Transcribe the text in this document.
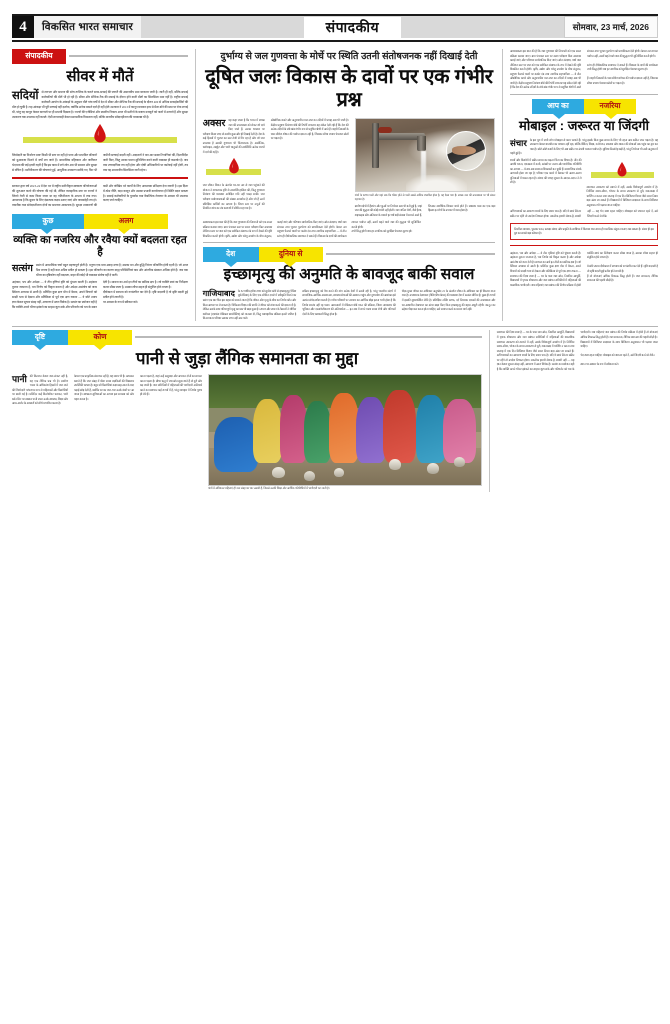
4	विकसित भारत समाचार	संपादकीय	सोमवार, 23 मार्च, 2026
संपादकीय
सीवर में मौतें
सदियों से लगभग और समाज की सोच तालिक के चलते साफ-सफाई की जरूरी की अमानवीय प्रथा बरकरार जारी है। जारी ही नहीं, बल्कि सफाई कर्मचारियों की मौतें भी हो रही हैं। सीवर और सेप्टिक टैंक की सफाई के दौरान होने वाली मौतों का सिलसिला थमा नहीं है। राष्ट्रीय सफाई कर्मचारी आयोग के आंकड़ों के अनुसार बीते पांच वर्षों में देश में सीवर और सेप्टिक टैंक की सफाई के दौरान 400 से अधिक सफाईकर्मियों की मौत हो चुकी है। यह आंकड़ा भी पूरी सच्चाई नहीं दर्शाता, क्योंकि अनेक मामले दर्ज ही नहीं होते। सरकार ने 2013 में कानून बनाकर हाथ से मैला ढोने की प्रथा पर रोक लगाई थी, परंतु यह कानून केवल कागजों पर ही प्रभावी दिखता है। राज्यों की एजेंसियां और स्थानीय निकाय आज भी मशीनों के बजाय मजदूरों को नालों में उतारते हैं और सुरक्षा उपकरण तक उपलब्ध नहीं कराते। ऐसी लापरवाही केवल प्रशासनिक विफलता नहीं, बल्कि मानवीय संवेदनहीनता की पराकाष्ठा भी है।
जिम्मेदारी का निर्धारण प्रायः किसी भी स्तर पर नहीं हो पाता और प्रभावित परिवारों को मुआवजा मिलने में वर्षों लग जाते हैं। सामाजिक बहिष्कार और जातिगत भेदभाव की जड़ें इतनी गहरी हैं कि इस काम में लगे लोग अब भी सम्मान और सुरक्षा से वंचित हैं। मशीनीकरण की घोषणाएं हुईं, आधुनिक उपकरण खरीदे गए, फिर भी जमीनी सच्चाई बदली नहीं। अदालतों ने बार-बार सख्त टिप्पणियां कीं, दिशानिर्देश जारी किए, किंतु उनका पालन सुनिश्चित करने वाली व्यवस्था ही कमजोर है। जब तक उत्तरदायित्व तय नहीं होगा और दोषी अधिकारियों पर कार्रवाई नहीं होगी, तब तक यह अमानवीय सिलसिला जारी रहेगा।
सरकार द्वारा वर्ष 2023-24 में देश भर में राष्ट्रीय मशीनीकृत स्वच्छता परियोजनाओं की शुरुआत करने की घोषणा की गई थी, लेकिन व्यवहारिक स्तर पर राज्यों ने जितने तेजी से काम किया जाना था वह गतिशीलता के अभाव में रुक गया। आवश्यक है कि सुधार के लिए दंडात्मक कदम उठाए जाएं और जवाबदेही तय हो। तकनीक तथा संवेदनशीलता दोनों का समन्वय आवश्यक है। सुरक्षा उपकरणों की कमी और जोखिम भरे कार्यों के लिए आवश्यक प्रशिक्षण देना जरूरी है। इस दिशा में ठोस नीति, कड़ा कानून और उसका प्रभावी कार्यान्वयन ही स्थिति बदल सकता है। सफाई कर्मचारियों के पुनर्वास तथा वैकल्पिक रोजगार के अवसर भी उपलब्ध कराए जाने चाहिए।
कुछ	अलग
व्यक्ति का नजरिय और रवैया क्यों बदलता रहत है
सत्संग प्रसंग में अध्यात्मिक चर्चा बहुत महत्त्वपूर्ण होती है। मनुष्य एक धारा-प्रवाह सत्ता है; उसका मन और बुद्धि निरंतर परिवर्तित होती रहती है। जो आज प्रिय लगता है वही कल अप्रिय प्रतीत हो सकता है। इस परिवर्तन का कारण बाह्य परिस्थितियां कम और आंतरिक संस्कार अधिक होते हैं। जब तक भीतर का दृष्टिकोण नहीं बदलता, बाहर की कोई भी व्यवस्था संतोष नहीं दे पाती।
अहंकार, भय और अपेक्षा — ये तीन वृत्तियां दृष्टि को धुंधला करती हैं। अहंकार तुलना जन्माता है, भय निर्णय को विकृत करता है और अपेक्षा असंतोष को जन्म देती है। साधना का अर्थ इन तीनों का क्रमिक क्षय है। जो व्यक्ति स्वयं का निरीक्षण करना सीख जाता है, उसका रवैया सहज ही संतुलित होने लगता है।
स्थिरता अभ्यास से आती है। प्रतिदिन कुछ क्षण मौन में बैठना, अपने विचारों को साक्षी भाव से देखना और प्रतिक्रिया से पूर्व एक क्षण रुकना — ये छोटे उपाय दीर्घकाल में स्वभाव को रूपांतरित कर देते हैं। दृष्टि बदलती है तो सृष्टि बदली हुई प्रतीत होने लगती है।
ज्ञान केवल सूचना संग्रह नहीं, आचरण में उतरा विवेक है। सत्संग का प्रयोजन यही है कि व्यक्ति अपने भीतर झांकने का साहस जुटा सके और परिवर्तन को भय के स्थान पर अवसर के रूप में स्वीकार करे।
दुर्भाग्य से जल गुणवत्ता के मोर्चे पर स्थिति उतनी संतोषजनक नहीं दिखाई देती
दूषित जलः विकास के दावों पर एक गंभीर प्रश्न
अक्सर यह कहा जाता है कि भारत में स्वच्छ जल की उपलब्धता को लेकर जो दावे किए जाते हैं, उनका धरातल पर परीक्षण किया जाए तो तस्वीर कुछ और ही दिखाई देती है। देश के कई हिस्सों में भूजल का स्तर तेजी से गिर रहा है और जो जल उपलब्ध है उसकी गुणवत्ता भी चिंताजनक है। आर्सेनिक, फ्लोराइड, नाइट्रेट और भारी धातुओं की उपस्थिति अनेक राज्यों में दर्ज की गई है।
जल जीवन मिशन के अंतर्गत घर-घर नल से जल पहुंचाने की योजना ने मात्रात्मक दृष्टि से उपलब्धि हासिल की, किंतु गुणवत्ता नियंत्रण की व्यवस्था अपेक्षित गति नहीं पकड़ सकी। जल परीक्षण प्रयोगशालाओं की संख्या अपर्याप्त है और जो हैं उनमें प्रशिक्षित कर्मियों का अभाव है। जिला स्तर पर नमूनों की नियमित जांच का तंत्र कागजों में सीमित रह गया है।
औद्योगिक कचरे और अनुपचारित मल-जल का नदियों में प्रवाह अब भी जारी है। केंद्रीय प्रदूषण नियंत्रण बोर्ड की रिपोर्टें लगातार यह संकेत देती रही हैं कि देश की अनेक नदियों के लंबे खंड गंभीर रूप से प्रदूषित श्रेणी में आते हैं। शहरी निकायों के पास सीवेज शोधन की पर्याप्त क्षमता नहीं है, जिसका सीधा प्रभाव पेयजल स्रोतों पर पड़ता है।
गांवों के कच्चा पानी और यहां तक कि भीतर होने से पानी सबसे अधिक प्रभावित होता है, यह देखा गया है। स्वच्छ जल की उपलब्धता पर भी संकट गहराया है।
ग्रामीण क्षेत्रों में हैंडपंप और कुओं पर निर्भरता अब भी बनी हुई है, जहां जल की शुद्धता की कोई गारंटी नहीं होती। जल जनित रोगों, जैसे हैजा, टाइफाइड और अतिसार के मामले हर वर्ष बड़ी संख्या में सामने आते हैं, जिनका सर्वाधिक शिकार बच्चे होते हैं। स्वास्थ्य व्यय का एक बड़ा हिस्सा इन रोगों के उपचार में व्यय होता है।
आवश्यकता इस बात की है कि जल गुणवत्ता की निगरानी को एक सतत प्रक्रिया बनाया जाए। ग्राम पंचायत स्तर पर सरल परीक्षण किट उपलब्ध कराई जाएं और परिणाम सार्वजनिक किए जाएं। स्रोत संरक्षण, वर्षा जल संचयन तथा भूजल पुनर्भरण को प्राथमिकता देनी होगी। केवल नल लगाना पर्याप्त नहीं, उसमें बहने वाले जल की शुद्धता भी सुनिश्चित करनी होगी।
नीतिगत स्तर पर जल को एक समेकित संसाधन के रूप में देखने की दृष्टि विकसित करनी होगी। कृषि, उद्योग और घरेलू उपयोग के बीच संतुलन, प्रदूषण फैलाने वालों पर कठोर दंड तथा नागरिक सहभागिता — ये तीन स्तंभ ही दीर्घकालिक समाधान दे सकते हैं। विकास के दावों की सार्थकता तभी सिद्ध होगी जब हर नागरिक को सुरक्षित पेयजल सुलभ हो।
देश	दुनिया से
इच्छामृत्यु की अनुमति के बावजूद बाकी सवाल
गाजियाबाद के 32 वर्षीय हरीश राणा को सुप्रीम कोर्ट से इच्छामृत्यु (पैसिव यूथेनेसिया) के लिए एक सीमित दायरे में स्वीकृति मिलने का प्रसंग एक बार फिर इस बहस को सामने लाता है कि जीवन और मृत्यु के बीच का निर्णय कौन और किस आधार पर ले सकता है। चिकित्सा विज्ञान की प्रगति ने जीवन को लंबा करने की क्षमता दी है, लेकिन उसके साथ गरिमापूर्ण मृत्यु का प्रश्न भी खड़ा हुआ है। 2018 और 2023 के फैसलों ने जीवित वसीयत (एडवांस मेडिकल डायरेक्टिव) को मान्यता दी, किंतु व्यावहारिक प्रक्रिया इतनी जटिल है कि सामान्य परिवार उसका लाभ नहीं उठा पाते।
सक्रिय इच्छामृत्यु को वैध करने की मांग अनेक देशों में उठती रही है, परंतु भारतीय संदर्भ में सामाजिक-आर्थिक असमानता, स्वास्थ्य सेवाओं की असमान पहुंच और दुरुपयोग की आशंका इसे अत्यंत संवेदनशील बनाती है। गरीब परिवारों पर उपचार का आर्थिक बोझ इतना भारी होता है कि निर्णय स्वतंत्र नहीं रह पाता। अस्पतालों में मेडिकल बोर्ड गठन की प्रक्रिया, जिला न्यायालय की भूमिका और दस्तावेजीकरण की अनिवार्यता — इन सब में लगने वाला समय रोगी और परिजनों दोनों के लिए कष्टकारी सिद्ध होता है।
पीड़ा-मुक्त जीवन का अधिकार अनुच्छेद 21 के अंतर्गत जीवन के अधिकार का ही विस्तार माना गया है। उपशामक देखभाल (पैलिएटिव केयर) की व्यवस्था देश में अत्यंत सीमित है; कुछ ही राज्यों में इसकी सुव्यवस्थित नीति है। प्रशिक्षित नर्सिंग स्टाफ, दर्द निवारक दवाओं की उपलब्धता और घर-आधारित देखभाल का ढांचा खड़ा किए बिना इच्छामृत्यु की बहस अधूरी रहेगी। कानून का उद्देश्य पीड़ा कम करना होना चाहिए, उसे समाप्त करने का सरल मार्ग नहीं।
आवश्यकता इस बात की है कि जल गुणवत्ता की निगरानी को एक सतत प्रक्रिया बनाया जाए। ग्राम पंचायत स्तर पर सरल परीक्षण किट उपलब्ध कराई जाएं और परिणाम सार्वजनिक किए जाएं। स्रोत संरक्षण, वर्षा जल संचयन तथा भूजल पुनर्भरण को प्राथमिकता देनी होगी। केवल नल लगाना पर्याप्त नहीं, उसमें बहने वाले जल की शुद्धता भी सुनिश्चित करनी होगी।
नीतिगत स्तर पर जल को एक समेकित संसाधन के रूप में देखने की दृष्टि विकसित करनी होगी। कृषि, उद्योग और घरेलू उपयोग के बीच संतुलन, प्रदूषण फैलाने वालों पर कठोर दंड तथा नागरिक सहभागिता — ये तीन स्तंभ ही दीर्घकालिक समाधान दे सकते हैं। विकास के दावों की सार्थकता तभी सिद्ध होगी जब हर नागरिक को सुरक्षित पेयजल सुलभ हो।
औद्योगिक कचरे और अनुपचारित मल-जल का नदियों में प्रवाह अब भी जारी है। केंद्रीय प्रदूषण नियंत्रण बोर्ड की रिपोर्टें लगातार यह संकेत देती रही हैं कि देश की अनेक नदियों के लंबे खंड गंभीर रूप से प्रदूषित श्रेणी में आते हैं। शहरी निकायों के पास सीवेज शोधन की पर्याप्त क्षमता नहीं है, जिसका सीधा प्रभाव पेयजल स्रोतों पर पड़ता है।
आप का	नजरिया
मोबाइल : जरूरत या जिंदगी
संचार के इस युग में सभी लोग मोबाइल से काम चलाते हैं। परंतु इसके बिना कुछ समय के लिए भी रहना अब कठिन जान पड़ता है। यह उपकरण केवल बातचीत का माध्यम नहीं रहा, बल्कि बैंकिंग, शिक्षा, मनोरंजन, स्वास्थ्य और शासन की सेवाओं तक पहुंच का द्वार बन गया है। छोटे-छोटे कामों के लिए भी अब स्क्रीन पर उंगली चलाना पर्याप्त है। सुविधा निस्संदेह बढ़ी है, परंतु निर्भरता भी उसी अनुपात में गहरी हुई है।
बच्चों और किशोरों में स्क्रीन समय का बढ़ना चिंता का विषय है। नींद की अवधि घटना, एकाग्रता में कमी, आंखों पर तनाव और शारीरिक गतिविधि का अभाव — ये सब अब सामान्य शिकायतें बन चुकी हैं। सामाजिक संपर्क आभासी होता जा रहा है; परिवार एक कमरे में बैठकर भी अलग-अलग दुनियाओं में व्यस्त रहता है। संवाद की जगह सूचना के आदान-प्रदान ने ले ली है।
समाधान उपकरण को त्यागने में नहीं, उसके विवेकपूर्ण उपयोग में है। निश्चित समय-सीमा, भोजन के समय उपकरण से दूरी, शयनकक्ष में चार्जिंग न करना तथा सप्ताह में एक दिन डिजिटल विराम जैसे सरल नियम बड़ा अंतर ला सकते हैं। विद्यालयों में डिजिटल साक्षरता के साथ डिजिटल अनुशासन भी पढ़ाया जाना चाहिए।
अभिभावकों का आचरण बच्चों के लिए प्रथम पाठ है। यदि वे स्वयं निरंतर स्क्रीन पर रहेंगे तो उपदेश निष्फल होगा। तकनीक हमारी सेवक है, स्वामी नहीं — यह भेद स्पष्ट रहना चाहिए। मोबाइल को जरूरत रहने दें, उसे जिंदगी बनने से रोकें।
नियमित व्यायाम, पुस्तक पठन, प्रत्यक्ष संवाद और प्रकृति के सान्निध्य में बिताया गया समय ही मानसिक संतुलन बनाए रख सकता है। संयम ही इस युग का सबसे बड़ा कौशल है।
अहंकार, भय और अपेक्षा — ये तीन वृत्तियां दृष्टि को धुंधला करती हैं। अहंकार तुलना जन्माता है, भय निर्णय को विकृत करता है और अपेक्षा असंतोष को जन्म देती है। साधना का अर्थ इन तीनों का क्रमिक क्षय है। जो व्यक्ति स्वयं का निरीक्षण करना सीख जाता है, उसका रवैया सहज ही संतुलित होने लगता है।
स्थिरता अभ्यास से आती है। प्रतिदिन कुछ क्षण मौन में बैठना, अपने विचारों को साक्षी भाव से देखना और प्रतिक्रिया से पूर्व एक क्षण रुकना — ये छोटे उपाय दीर्घकाल में स्वभाव को रूपांतरित कर देते हैं। दृष्टि बदलती है तो सृष्टि बदली हुई प्रतीत होने लगती है।
समाधान की दिशा स्पष्ट है — घर के पास जल स्रोत, नियमित आपूर्ति, विद्यालयों में पृथक शौचालय और जल प्रबंधन समितियों में महिलाओं की वास्तविक भागीदारी। जब महिलाएं जल प्रबंधन की निर्णय प्रक्रिया में होती हैं तो योजनाएं अधिक टिकाऊ सिद्ध होती हैं। जल समानता, लैंगिक समानता की पहली सीढ़ी है।
दृष्टि	कोण
पानी से जुड़ा लैंगिक समानता का मुद्दा
पानी की किल्लत केवल जल-संकट नहीं है, वह एक लैंगिक प्रश्न भी है। ग्रामीण भारत के अधिकांश हिस्सों में जल लाने की जिम्मेदारी परंपरागत रूप से महिलाओं और किशोरियों पर डाली गई है। प्रतिदिन कई किलोमीटर चलकर, भारी बर्तन सिर पर रखकर पानी लाना उनके स्वास्थ्य, शिक्षा और आय-अर्जन के अवसरों को सीधे प्रभावित करता है।
केवल एक प्राकृतिक संसाधन नहीं है, वह समय भी है। अध्ययन बताते हैं कि जल संग्रह में बीता समय लड़कियों की विद्यालय उपस्थिति घटाता है। बहुत सी किशोरियां कक्षा छह-सात के बाद पढ़ाई छोड़ देती हैं, क्योंकि घर का जल-भार उनके कंधों पर आ जाता है। स्वच्छता सुविधाओं का अभाव इस समस्या को और गहरा करता है।
करना पड़ता है, जहां उन्हें असुरक्षा और अपमान दोनों का सामना करना पड़ता है। ग्रीष्म ऋतु में जब स्रोत सूख जाते हैं तो दूरी और बढ़ जाती है। जल समितियों में महिलाओं की भागीदारी अनिवार्य करने का प्रावधान कई राज्यों में है, परंतु व्यवहार में निर्णय पुरुष ही लेते हैं।
गांवों में अधिकतर महिलाएं ही जल संग्रह का भार उठाती हैं, जिससे उनकी शिक्षा और आर्थिक गतिविधियों में भागीदारी घट जाती है।
समाधान की दिशा स्पष्ट है — घर के पास जल स्रोत, नियमित आपूर्ति, विद्यालयों में पृथक शौचालय और जल प्रबंधन समितियों में महिलाओं की वास्तविक भागीदारी। जब महिलाएं जल प्रबंधन की निर्णय प्रक्रिया में होती हैं तो योजनाएं अधिक टिकाऊ सिद्ध होती हैं। जल समानता, लैंगिक समानता की पहली सीढ़ी है।
समाधान उपकरण को त्यागने में नहीं, उसके विवेकपूर्ण उपयोग में है। निश्चित समय-सीमा, भोजन के समय उपकरण से दूरी, शयनकक्ष में चार्जिंग न करना तथा सप्ताह में एक दिन डिजिटल विराम जैसे सरल नियम बड़ा अंतर ला सकते हैं। विद्यालयों में डिजिटल साक्षरता के साथ डिजिटल अनुशासन भी पढ़ाया जाना चाहिए।
अभिभावकों का आचरण बच्चों के लिए प्रथम पाठ है। यदि वे स्वयं निरंतर स्क्रीन पर रहेंगे तो उपदेश निष्फल होगा। तकनीक हमारी सेवक है, स्वामी नहीं — यह भेद स्पष्ट रहना चाहिए। मोबाइल को जरूरत रहने दें, उसे जिंदगी बनने से रोकें।
ज्ञान केवल सूचना संग्रह नहीं, आचरण में उतरा विवेक है। सत्संग का प्रयोजन यही है कि व्यक्ति अपने भीतर झांकने का साहस जुटा सके और परिवर्तन को भय के स्थान पर अवसर के रूप में स्वीकार करे।
